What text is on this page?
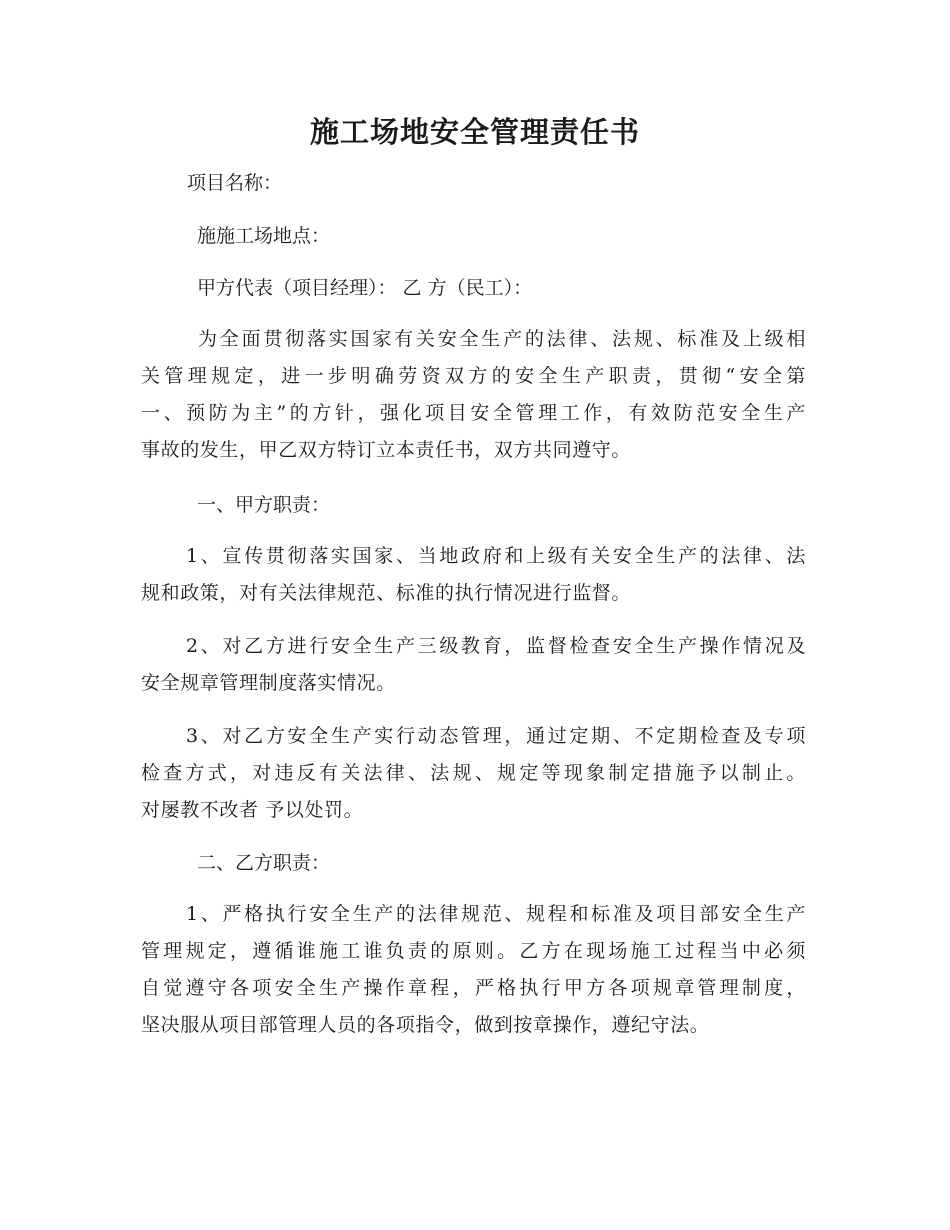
施工场地安全管理责任书
项目名称：
施施工场地点：
甲方代表（项目经理）： 乙 方（民工）：
为全面贯彻落实国家有关安全生产的法律、法规、标准及上级相
关管理规定，进一步明确劳资双方的安全生产职责，贯彻“安全第
一、预防为主”的方针，强化项目安全管理工作，有效防范安全生产
事故的发生，甲乙双方特订立本责任书，双方共同遵守。
一、甲方职责：
1、宣传贯彻落实国家、当地政府和上级有关安全生产的法律、法
规和政策，对有关法律规范、标准的执行情况进行监督。
2、对乙方进行安全生产三级教育，监督检查安全生产操作情况及
安全规章管理制度落实情况。
3、对乙方安全生产实行动态管理，通过定期、不定期检查及专项
检查方式，对违反有关法律、法规、规定等现象制定措施予以制止。
对屡教不改者 予以处罚。
二、乙方职责：
1、严格执行安全生产的法律规范、规程和标准及项目部安全生产
管理规定，遵循谁施工谁负责的原则。乙方在现场施工过程当中必须
自觉遵守各项安全生产操作章程，严格执行甲方各项规章管理制度，
坚决服从项目部管理人员的各项指令，做到按章操作，遵纪守法。
